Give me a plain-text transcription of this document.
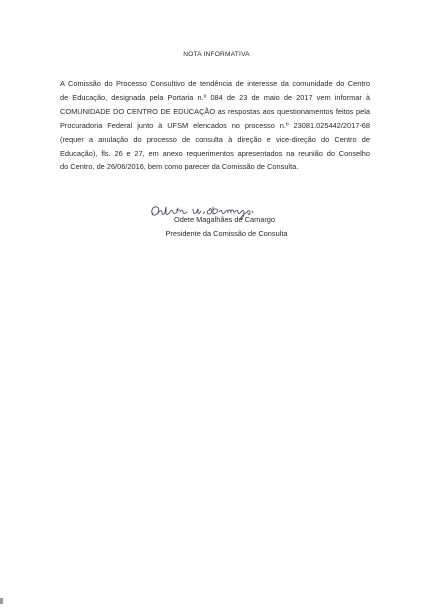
NOTA INFORMATIVA
A Comissão do Processo Consultivo de tendência de interesse da comunidade do Centro
de Educação, designada pela Portaria n.º 084 de 23 de maio de 2017 vem informar à
COMUNIDADE DO CENTRO DE EDUCAÇÃO as respostas aos questionamentos feitos pela
Procuradoria Federal junto à UFSM elencados no processo n.º 23081.025442/2017-68
(requer a anulação do processo de consulta à direção e vice-direção do Centro de
Educação), fls. 26 e 27, em anexo requerimentos apresentados na reunião do Conselho
do Centro, de 26/06/2016, bem como parecer da Comissão de Consulta.
Odete Magalhães de Camargo
Presidente da Comissão de Consulta
